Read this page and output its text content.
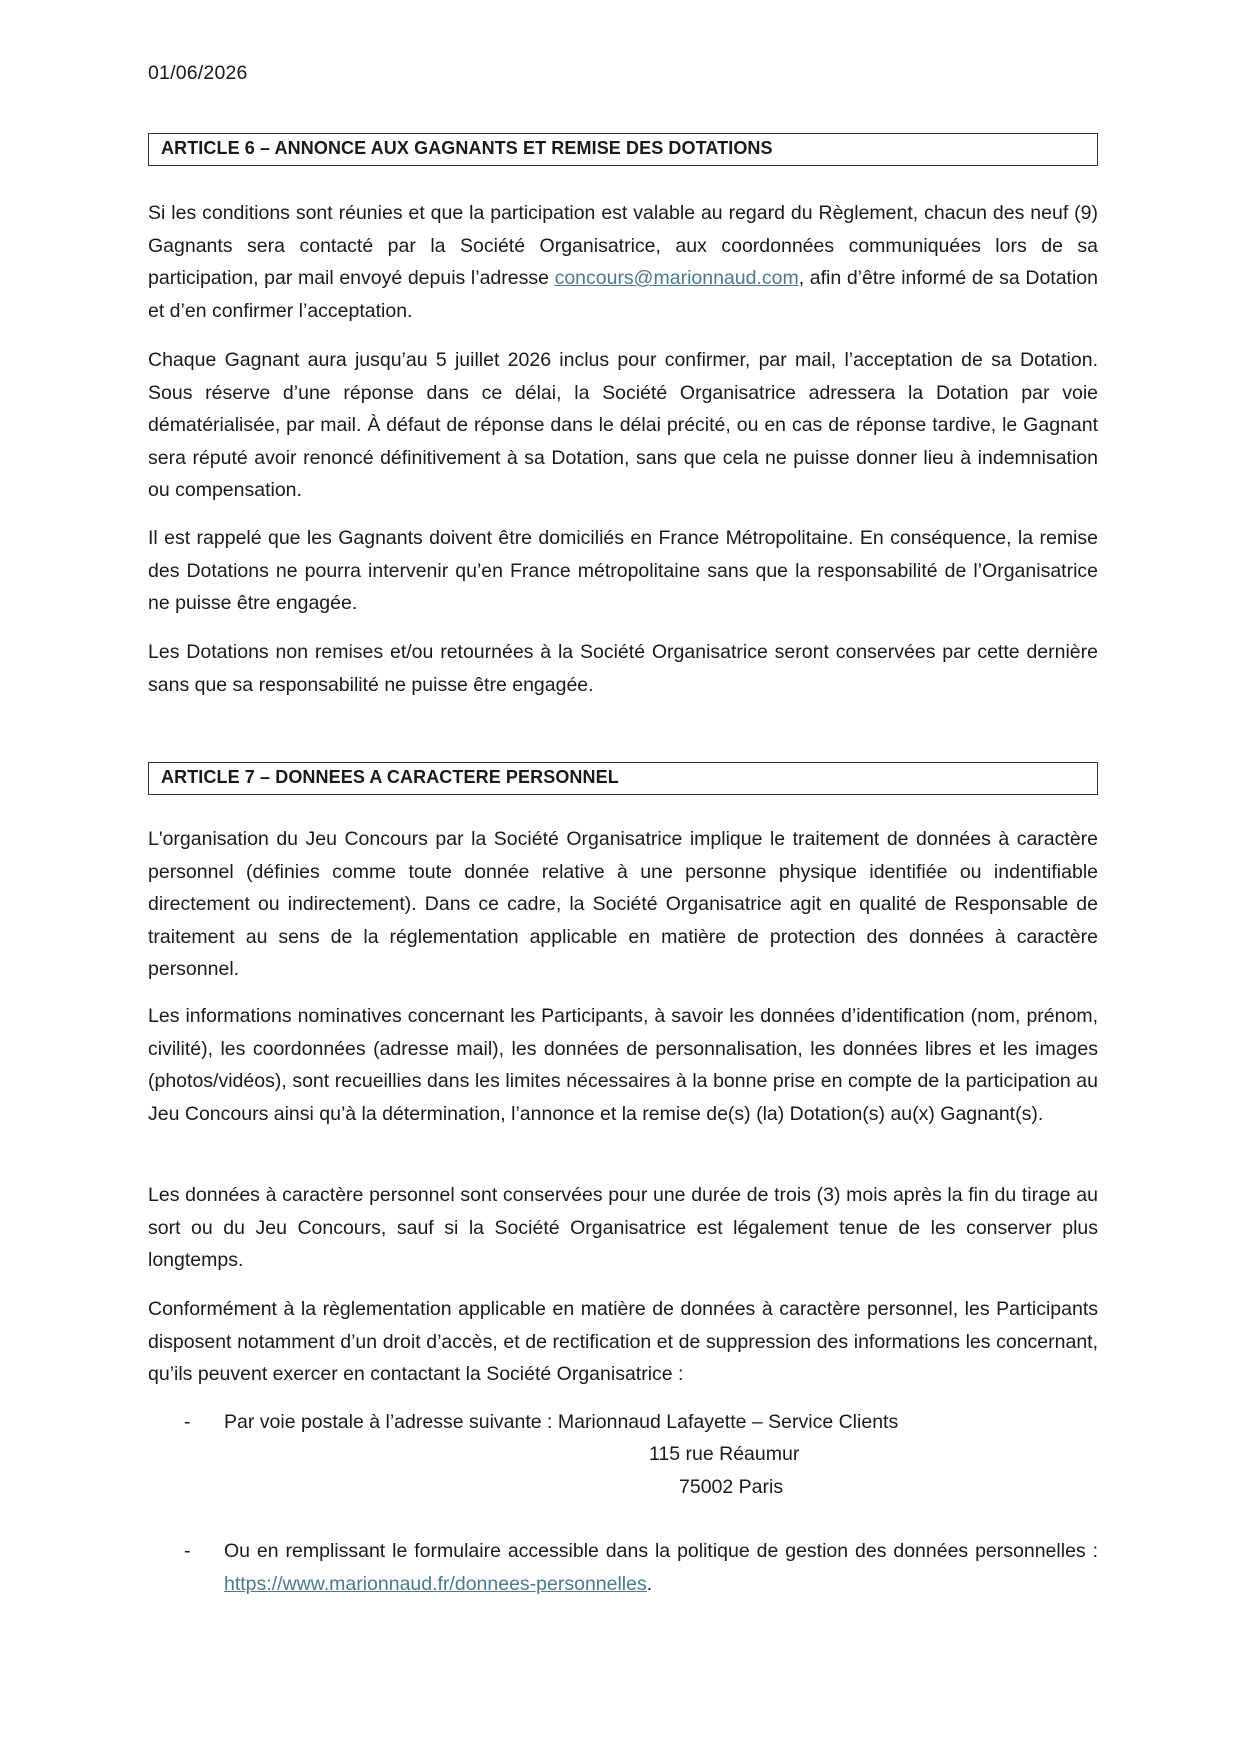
01/06/2026
ARTICLE 6 – ANNONCE AUX GAGNANTS ET REMISE DES DOTATIONS

Si les conditions sont réunies et que la participation est valable au regard du Règlement, chacun des neuf (9) Gagnants sera contacté par la Société Organisatrice, aux coordonnées communiquées lors de sa participation, par mail envoyé depuis l’adresse concours@marionnaud.com, afin d’être informé de sa Dotation et d’en confirmer l’acceptation.

Chaque Gagnant aura jusqu’au 5 juillet 2026 inclus pour confirmer, par mail, l’acceptation de sa Dotation. Sous réserve d’une réponse dans ce délai, la Société Organisatrice adressera la Dotation par voie dématérialisée, par mail. À défaut de réponse dans le délai précité, ou en cas de réponse tardive, le Gagnant sera réputé avoir renoncé définitivement à sa Dotation, sans que cela ne puisse donner lieu à indemnisation ou compensation.

Il est rappelé que les Gagnants doivent être domiciliés en France Métropolitaine. En conséquence, la remise des Dotations ne pourra intervenir qu’en France métropolitaine sans que la responsabilité de l’Organisatrice ne puisse être engagée.

Les Dotations non remises et/ou retournées à la Société Organisatrice seront conservées par cette dernière sans que sa responsabilité ne puisse être engagée.

ARTICLE 7 – DONNEES A CARACTERE PERSONNEL

L'organisation du Jeu Concours par la Société Organisatrice implique le traitement de données à caractère personnel (définies comme toute donnée relative à une personne physique identifiée ou indentifiable directement ou indirectement). Dans ce cadre, la Société Organisatrice agit en qualité de Responsable de traitement au sens de la réglementation applicable en matière de protection des données à caractère personnel.

Les informations nominatives concernant les Participants, à savoir les données d’identification (nom, prénom, civilité), les coordonnées (adresse mail), les données de personnalisation, les données libres et les images (photos/vidéos), sont recueillies dans les limites nécessaires à la bonne prise en compte de la participation au Jeu Concours ainsi qu’à la détermination, l’annonce et la remise de(s) (la) Dotation(s) au(x) Gagnant(s).

Les données à caractère personnel sont conservées pour une durée de trois (3) mois après la fin du tirage au sort ou du Jeu Concours, sauf si la Société Organisatrice est légalement tenue de les conserver plus longtemps.

Conformément à la règlementation applicable en matière de données à caractère personnel, les Participants disposent notamment d’un droit d’accès, et de rectification et de suppression des informations les concernant, qu’ils peuvent exercer en contactant la Société Organisatrice :

- Par voie postale à l’adresse suivante : Marionnaud Lafayette – Service Clients
115 rue Réaumur
75002 Paris
- Ou en remplissant le formulaire accessible dans la politique de gestion des données personnelles : https://www.marionnaud.fr/donnees-personnelles.
